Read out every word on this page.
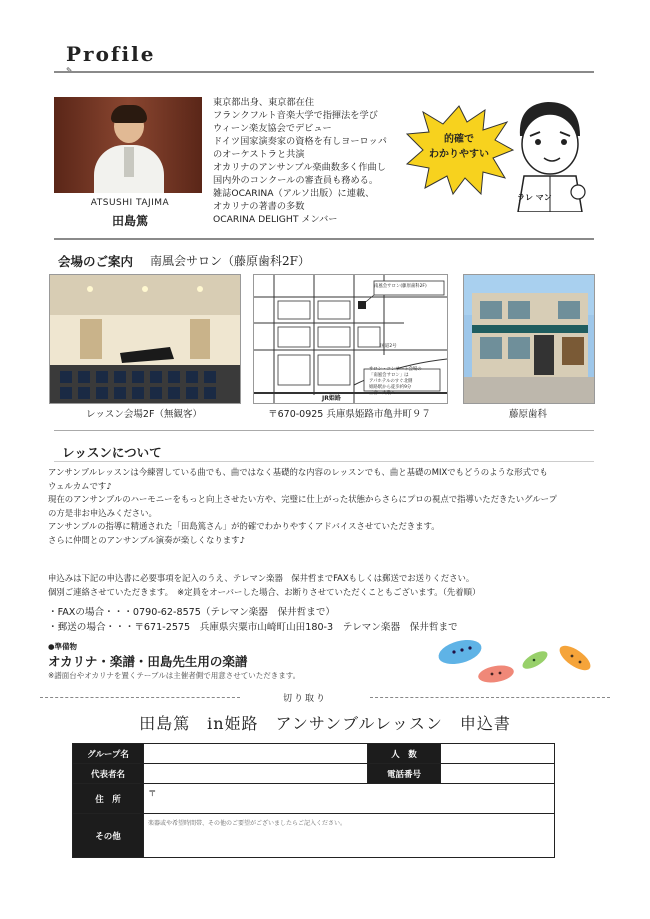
Profile
ATSUSHI TAJIMA
田島篤
東京都出身、東京都在住
フランクフルト音楽大学で指揮法を学び
ウィーン楽友協会でデビュー
ドイツ国家演奏家の資格を有しヨーロッパ
のオーケストラと共演
オカリナのアンサンブル楽曲数多く作曲し
国内外のコンクールの審査員も務める。
雑誌OCARINA（アルソ出版）に連載、
オカリナの著書の多数
OCARINA DELIGHT メンバー
的確で
わかりやすい
ラレ マン
会場のご案内 南風会サロン（藤原歯科2F）
南風会サロン(藤原歯科2F)
国道2号
サロン・コンサート会場の
「南風会サロン」は
アパホテルのすぐ北側
姫路駅から徒歩約9分
三音・大歌へ
JR姫路
レッスン会場2F（無観客）	〒670-0925 兵庫県姫路市亀井町９７	藤原歯科
レッスンについて
アンサンブルレッスンは今練習している曲でも、曲ではなく基礎的な内容のレッスンでも、曲と基礎のMIXでもどうのような形式でも
ウェルカムです♪
現在のアンサンブルのハーモニーをもっと向上させたい方や、完璧に仕上がった状態からさらにプロの視点で指導いただきたいグループ
の方是非お申込みください。
アンサンブルの指導に精通された「田島篤さん」が的確でわかりやすくアドバイスさせていただきます。
さらに仲間とのアンサンブル演奏が楽しくなります♪
申込みは下記の申込書に必要事項を記入のうえ、テレマン楽器　保井哲までFAXもしくは郵送でお送りください。
個別ご連絡させていただきます。　※定員をオーバーした場合、お断りさせていただくこともございます。（先着順）
・FAXの場合・・・0790-62-8575（テレマン楽器　保井哲まで）
・郵送の場合・・・〒671-2575　兵庫県宍粟市山崎町山田180-3　テレマン楽器　保井哲まで
●準備物
オカリナ・楽譜・田島先生用の楽譜
※譜面台やオカリナを置くテーブルは主催者側で用意させていただきます。
切り取り
田島篤　in姫路　アンサンブルレッスン　申込書
グループ名		人　数	
代表者名		電話番号	
住　所	〒		
その他	楽器或や希望時間帯、その他のご要望がございましたらご記入ください。		
